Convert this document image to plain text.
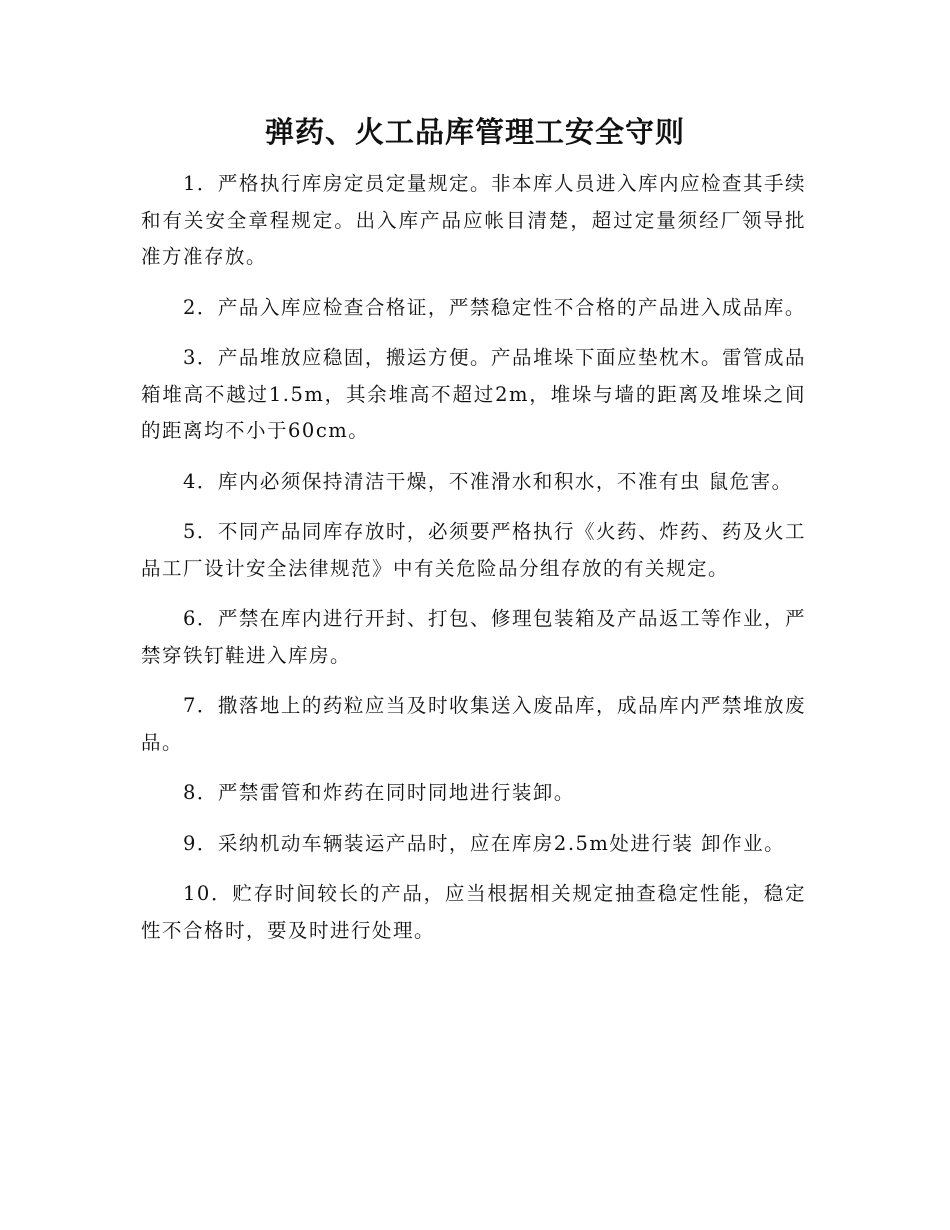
弹药、火工品库管理工安全守则

1．严格执行库房定员定量规定。非本库人员进入库内应检查其手续和有关安全章程规定。出入库产品应帐目清楚，超过定量须经厂领导批准方准存放。

2．产品入库应检查合格证，严禁稳定性不合格的产品进入成品库。

3．产品堆放应稳固，搬运方便。产品堆垛下面应垫枕木。雷管成品箱堆高不越过1.5m，其余堆高不超过2m，堆垛与墙的距离及堆垛之间的距离均不小于60cm。

4．库内必须保持清洁干燥，不准滑水和积水，不准有虫 鼠危害。

5．不同产品同库存放时，必须要严格执行《火药、炸药、药及火工品工厂设计安全法律规范》中有关危险品分组存放的有关规定。

6．严禁在库内进行开封、打包、修理包装箱及产品返工等作业，严禁穿铁钉鞋进入库房。

7．撒落地上的药粒应当及时收集送入废品库，成品库内严禁堆放废品。

8．严禁雷管和炸药在同时同地进行装卸。

9．采纳机动车辆装运产品时，应在库房2.5m处进行装 卸作业。

10．贮存时间较长的产品，应当根据相关规定抽查稳定性能，稳定性不合格时，要及时进行处理。
